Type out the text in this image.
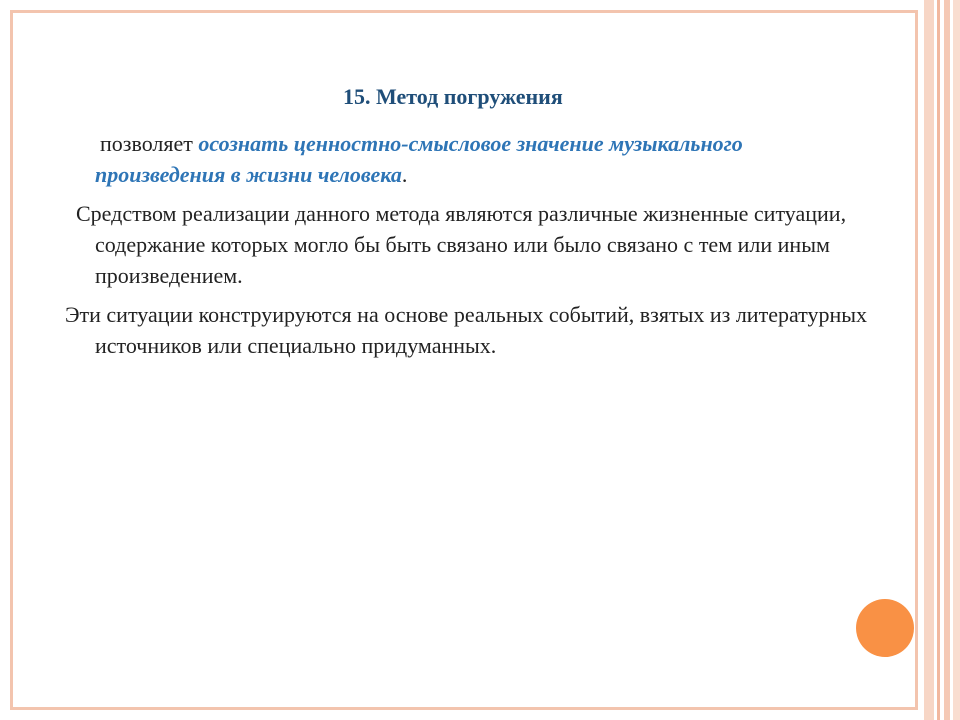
15. Метод погружения

позволяет осознать ценностно-смысловое значение музыкального произведения в жизни человека.

Средством реализации данного метода являются различные жизненные ситуации, содержание которых могло бы быть связано или было связано с тем или иным произведением.

Эти ситуации конструируются на основе реальных событий, взятых из литературных источников или специально придуманных.
